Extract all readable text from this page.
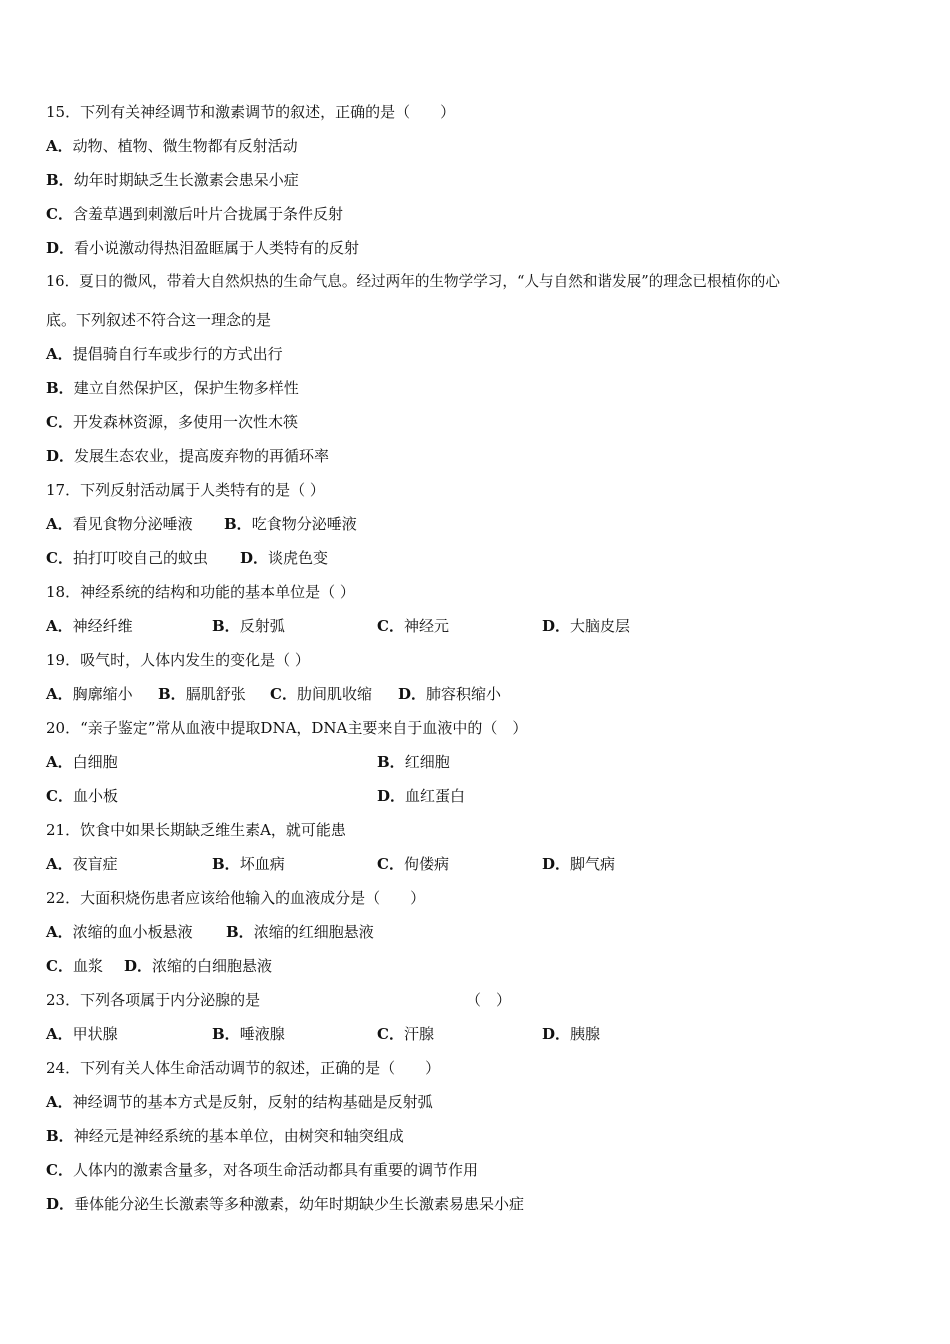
15．下列有关神经调节和激素调节的叙述，正确的是（　　）
A．动物、植物、微生物都有反射活动
B．幼年时期缺乏生长激素会患呆小症
C．含羞草遇到刺激后叶片合拢属于条件反射
D．看小说激动得热泪盈眶属于人类特有的反射
16．夏日的微风，带着大自然炽热的生命气息。经过两年的生物学学习，“人与自然和谐发展”的理念已根植你的心
底。下列叙述不符合这一理念的是
A．提倡骑自行车或步行的方式出行
B．建立自然保护区，保护生物多样性
C．开发森林资源，多使用一次性木筷
D．发展生态农业，提高废弃物的再循环率
17．下列反射活动属于人类特有的是（ ）
A．看见食物分泌唾液 B．吃食物分泌唾液
C．拍打叮咬自己的蚊虫 D．谈虎色变
18．神经系统的结构和功能的基本单位是（ ）
A．神经纤维	B．反射弧	C．神经元	D．大脑皮层
19．吸气时，人体内发生的变化是（ ）
A．胸廓缩小 B．膈肌舒张 C．肋间肌收缩 D．肺容积缩小
20．“亲子鉴定”常从血液中提取DNA，DNA主要来自于血液中的（　）
A．白细胞	B．红细胞
C．血小板	D．血红蛋白
21．饮食中如果长期缺乏维生素A，就可能患
A．夜盲症	B．坏血病	C．佝偻病	D．脚气病
22．大面积烧伤患者应该给他输入的血液成分是（　　）
A．浓缩的血小板悬液 B．浓缩的红细胞悬液
C．血浆 D．浓缩的白细胞悬液
23．下列各项属于内分泌腺的是	（　）
A．甲状腺	B．唾液腺	C．汗腺	D．胰腺
24．下列有关人体生命活动调节的叙述，正确的是（　　）
A．神经调节的基本方式是反射，反射的结构基础是反射弧
B．神经元是神经系统的基本单位，由树突和轴突组成
C．人体内的激素含量多，对各项生命活动都具有重要的调节作用
D．垂体能分泌生长激素等多种激素，幼年时期缺少生长激素易患呆小症
